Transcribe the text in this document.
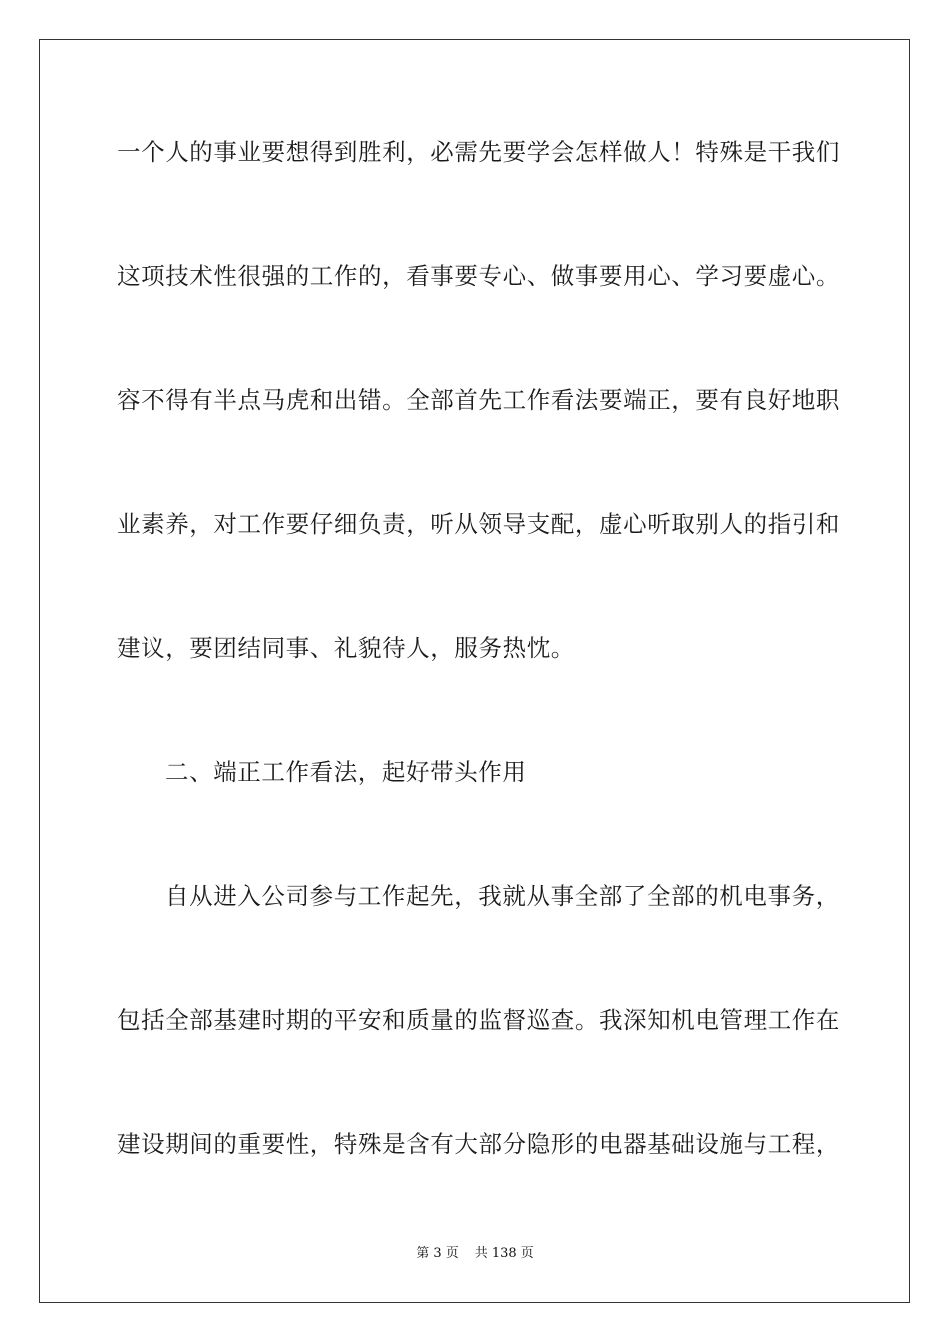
一个人的事业要想得到胜利，必需先要学会怎样做人！特殊是干我们
这项技术性很强的工作的，看事要专心、做事要用心、学习要虚心。
容不得有半点马虎和出错。全部首先工作看法要端正，要有良好地职
业素养，对工作要仔细负责，听从领导支配，虚心听取别人的指引和
建议，要团结同事、礼貌待人，服务热忱。
二、端正工作看法，起好带头作用
自从进入公司参与工作起先，我就从事全部了全部的机电事务，
包括全部基建时期的平安和质量的监督巡查。我深知机电管理工作在
建设期间的重要性，特殊是含有大部分隐形的电器基础设施与工程，
第 3 页 共 138 页
